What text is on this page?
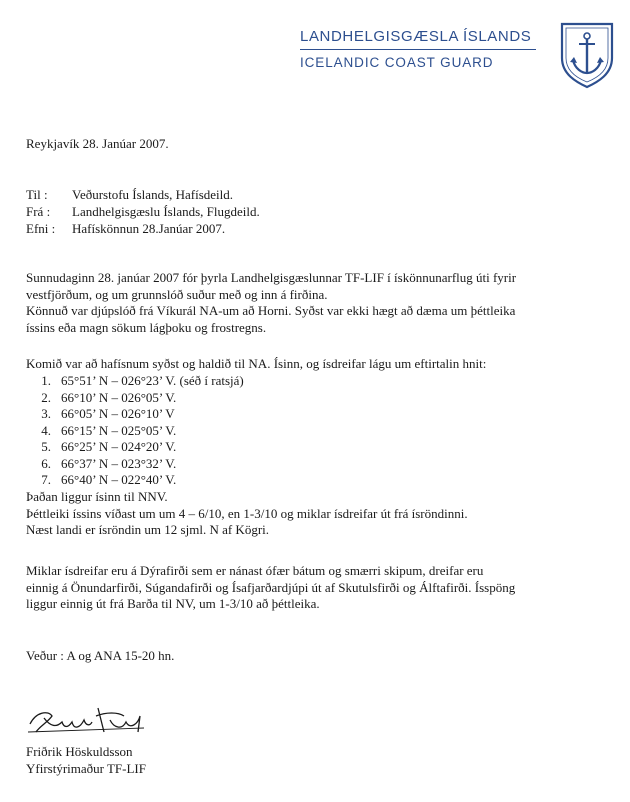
LANDHELGISGÆSLA ÍSLANDS
ICELANDIC COAST GUARD
Reykjavík 28. Janúar 2007.
Til : Veðurstofu Íslands, Hafísdeild.
Frá : Landhelgisgæslu Íslands, Flugdeild.
Efni : Hafískönnun 28.Janúar 2007.
Sunnudaginn 28. janúar 2007 fór þyrla Landhelgisgæslunnar TF-LIF í ískönnunarflug úti fyrir
vestfjörðum, og um grunnslóð suður með og inn á firðina.
Könnuð var djúpslóð frá Víkurál NA-um að Horni. Syðst var ekki hægt að dæma um þéttleika
íssins eða magn sökum lágþoku og frostregns.
Komið var að hafísnum syðst og haldið til NA. Ísinn, og ísdreifar lágu um eftirtalin hnit:
1. 65°51’ N – 026°23’ V. (séð í ratsjá)
2. 66°10’ N – 026°05’ V.
3. 66°05’ N – 026°10’ V
4. 66°15’ N – 025°05’ V.
5. 66°25’ N – 024°20’ V.
6. 66°37’ N – 023°32’ V.
7. 66°40’ N – 022°40’ V.
Þaðan liggur ísinn til NNV.
Þéttleiki íssins víðast um um 4 – 6/10, en 1-3/10 og miklar ísdreifar út frá ísröndinni.
Næst landi er ísröndin um 12 sjml. N af Kögri.
Miklar ísdreifar eru á Dýrafirði sem er nánast ófær bátum og smærri skipum, dreifar eru
einnig á Önundarfirði, Súgandafirði og Ísafjarðardjúpi út af Skutulsfirði og Álftafirði. Ísspöng
liggur einnig út frá Barða til NV, um 1-3/10 að þéttleika.
Veður : A og ANA 15-20 hn.
Friðrik Höskuldsson
Yfirstýrimaður TF-LIF
